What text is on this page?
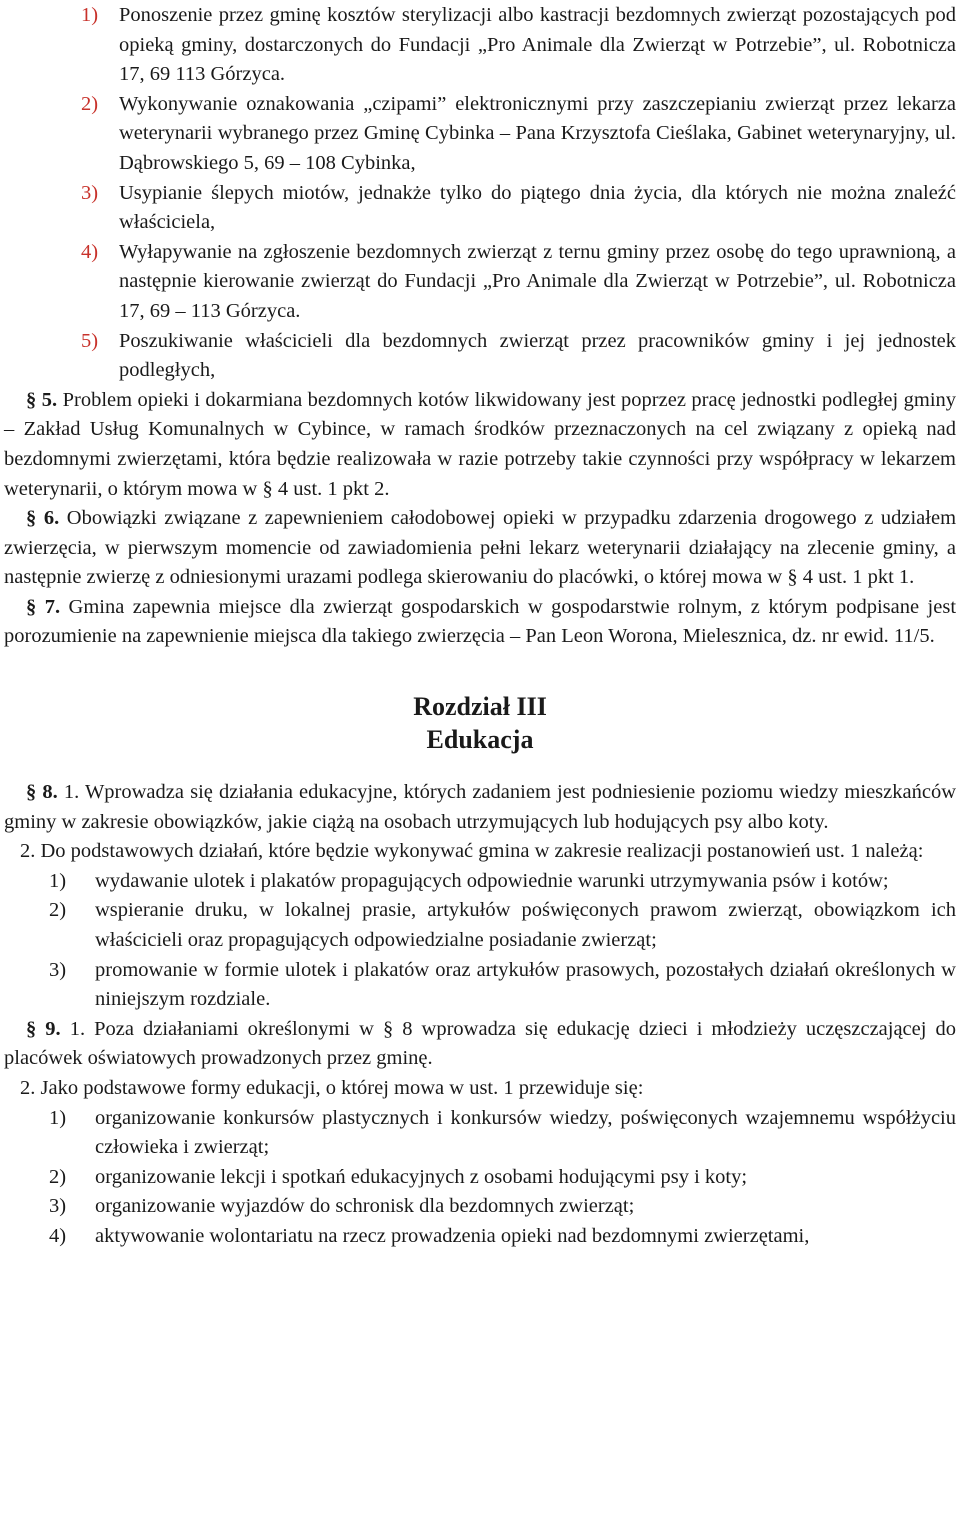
1) Ponoszenie przez gminę kosztów sterylizacji albo kastracji bezdomnych zwierząt pozostających pod opieką gminy, dostarczonych do Fundacji „Pro Animale dla Zwierząt w Potrzebie”, ul. Robotnicza 17, 69 113 Górzyca.
2) Wykonywanie oznakowania „czipami” elektronicznymi przy zaszczepianiu zwierząt przez lekarza weterynarii wybranego przez Gminę Cybinka – Pana Krzysztofa Cieślaka, Gabinet weterynaryjny, ul. Dąbrowskiego 5, 69 – 108 Cybinka,
3) Usypianie ślepych miotów, jednakże tylko do piątego dnia życia, dla których nie można znaleźć właściciela,
4) Wyłapywanie na zgłoszenie bezdomnych zwierząt z ternu gminy przez osobę do tego uprawnioną, a następnie kierowanie zwierząt do Fundacji „Pro Animale dla Zwierząt w Potrzebie”, ul. Robotnicza 17, 69 – 113 Górzyca.
5) Poszukiwanie właścicieli dla bezdomnych zwierząt przez pracowników gminy i jej jednostek podległych,

§ 5. Problem opieki i dokarmiana bezdomnych kotów likwidowany jest poprzez pracę jednostki podległej gminy – Zakład Usług Komunalnych w Cybince, w ramach środków przeznaczonych na cel związany z opieką nad bezdomnymi zwierzętami, która będzie realizowała w razie potrzeby takie czynności przy współpracy w lekarzem weterynarii, o którym mowa w § 4 ust. 1 pkt 2.

§ 6. Obowiązki związane z zapewnieniem całodobowej opieki w przypadku zdarzenia drogowego z udziałem zwierzęcia, w pierwszym momencie od zawiadomienia pełni lekarz weterynarii działający na zlecenie gminy, a następnie zwierzę z odniesionymi urazami podlega skierowaniu do placówki, o której mowa w § 4 ust. 1 pkt 1.

§ 7. Gmina zapewnia miejsce dla zwierząt gospodarskich w gospodarstwie rolnym, z którym podpisane jest porozumienie na zapewnienie miejsca dla takiego zwierzęcia – Pan Leon Worona, Mielesznica, dz. nr ewid. 11/5.

Rozdział III
Edukacja

§ 8. 1. Wprowadza się działania edukacyjne, których zadaniem jest podniesienie poziomu wiedzy mieszkańców gminy w zakresie obowiązków, jakie ciążą na osobach utrzymujących lub hodujących psy albo koty.

2. Do podstawowych działań, które będzie wykonywać gmina w zakresie realizacji postanowień ust. 1 należą:

1) wydawanie ulotek i plakatów propagujących odpowiednie warunki utrzymywania psów i kotów;
2) wspieranie druku, w lokalnej prasie, artykułów poświęconych prawom zwierząt, obowiązkom ich właścicieli oraz propagujących odpowiedzialne posiadanie zwierząt;
3) promowanie w formie ulotek i plakatów oraz artykułów prasowych, pozostałych działań określonych w niniejszym rozdziale.

§ 9. 1. Poza działaniami określonymi w § 8 wprowadza się edukację dzieci i młodzieży uczęszczającej do placówek oświatowych prowadzonych przez gminę.

2. Jako podstawowe formy edukacji, o której mowa w ust. 1 przewiduje się:

1) organizowanie konkursów plastycznych i konkursów wiedzy, poświęconych wzajemnemu współżyciu człowieka i zwierząt;
2) organizowanie lekcji i spotkań edukacyjnych z osobami hodującymi psy i koty;
3) organizowanie wyjazdów do schronisk dla bezdomnych zwierząt;
4) aktywowanie wolontariatu na rzecz prowadzenia opieki nad bezdomnymi zwierzętami,
